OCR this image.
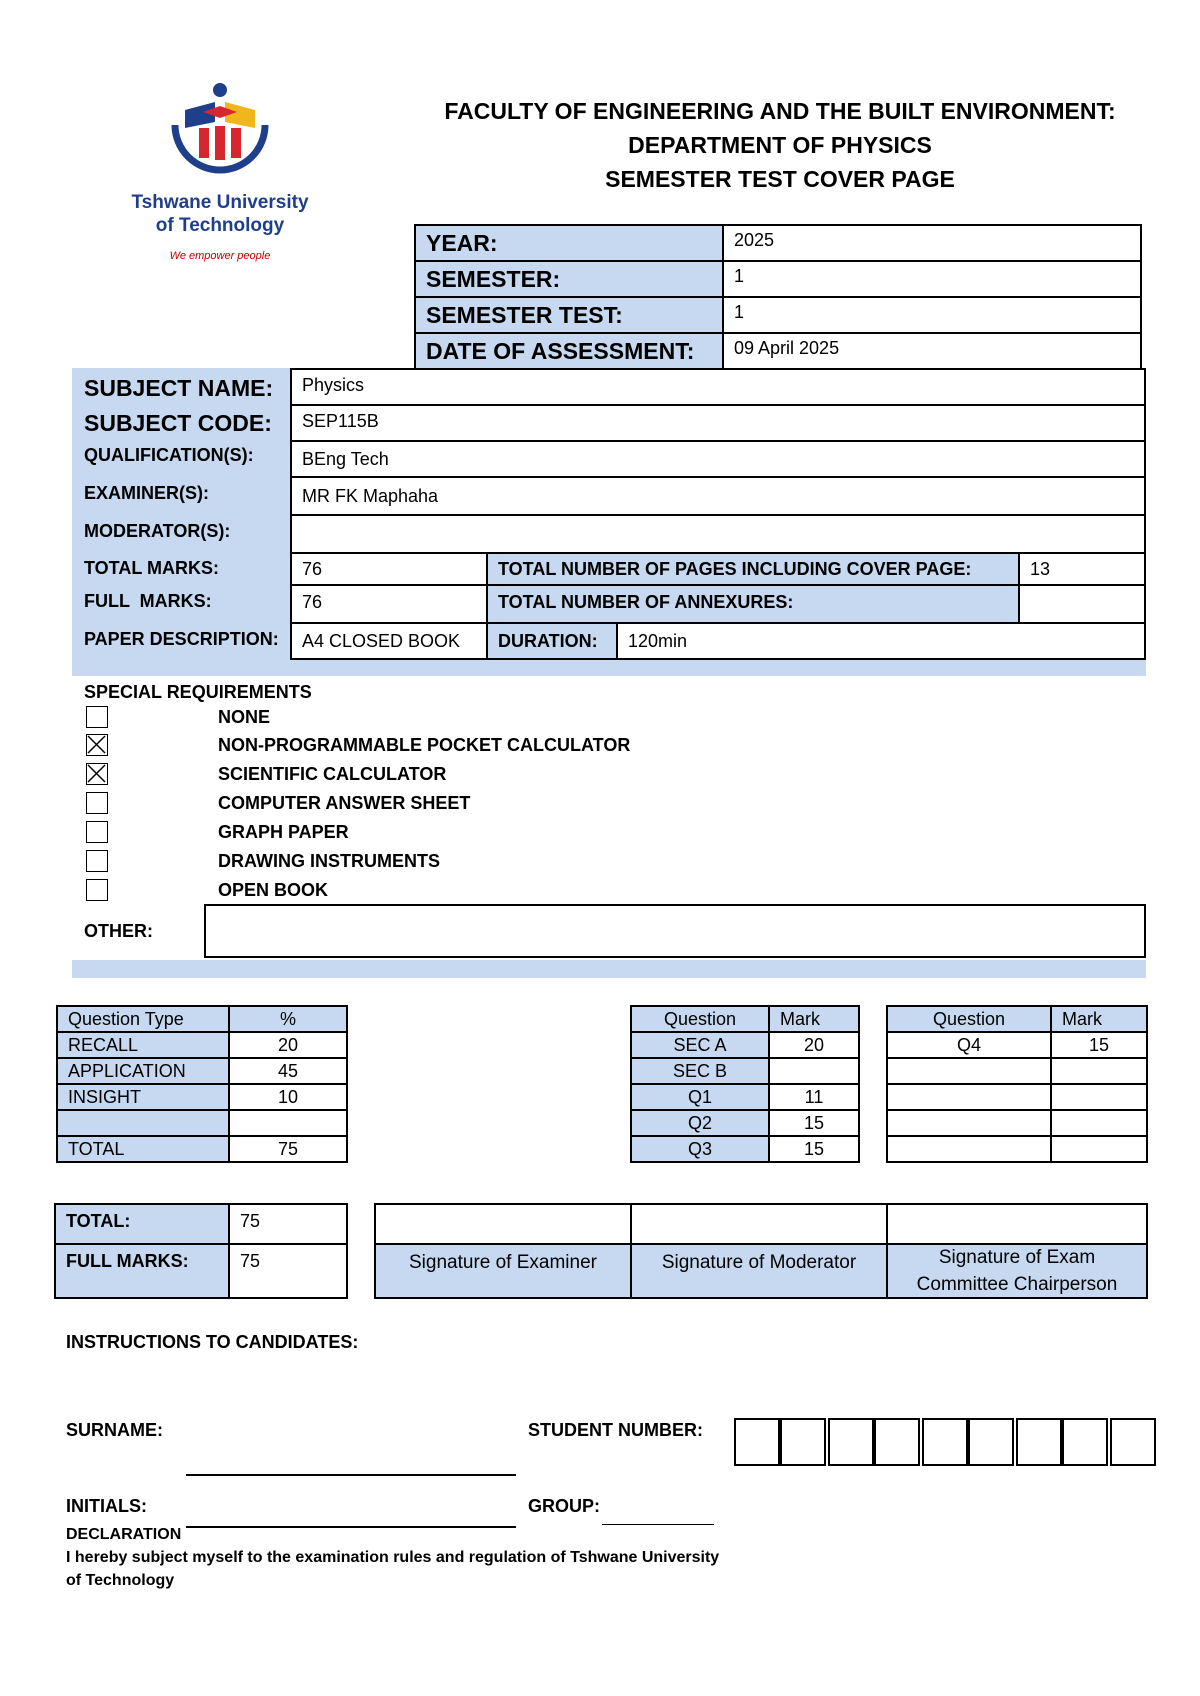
Tshwane University
of Technology
We empower people
FACULTY OF ENGINEERING AND THE BUILT ENVIRONMENT:
DEPARTMENT OF PHYSICS
SEMESTER TEST COVER PAGE
YEAR:	2025
SEMESTER:	1
SEMESTER TEST:	1
DATE OF ASSESSMENT:	09 April 2025
SUBJECT NAME:	Physics
SUBJECT CODE:	SEP115B
QUALIFICATION(S):	BEng Tech
EXAMINER(S):	MR FK Maphaha
MODERATOR(S):
TOTAL MARKS:	76	TOTAL NUMBER OF PAGES INCLUDING COVER PAGE:	13
FULL  MARKS:	76	TOTAL NUMBER OF ANNEXURES:
PAPER DESCRIPTION:	A4 CLOSED BOOK	DURATION:	120min
SPECIAL REQUIREMENTS
NONE
NON-PROGRAMMABLE POCKET CALCULATOR
SCIENTIFIC CALCULATOR
COMPUTER ANSWER SHEET
GRAPH PAPER
DRAWING INSTRUMENTS
OPEN BOOK
OTHER:
Question Type	%
RECALL	20
APPLICATION	45
INSIGHT	10

TOTAL	75
Question	Mark
SEC A	20
SEC B	
Q1	11
Q2	15
Q3	15
Question	Mark
Q4	15

TOTAL:	75
FULL MARKS:	75	Signature of Examiner	Signature of Moderator	Signature of Exam
Committee Chairperson
INSTRUCTIONS TO CANDIDATES:
SURNAME:	STUDENT NUMBER:
INITIALS:	GROUP:
DECLARATION
I hereby subject myself to the examination rules and regulation of Tshwane University
of Technology
